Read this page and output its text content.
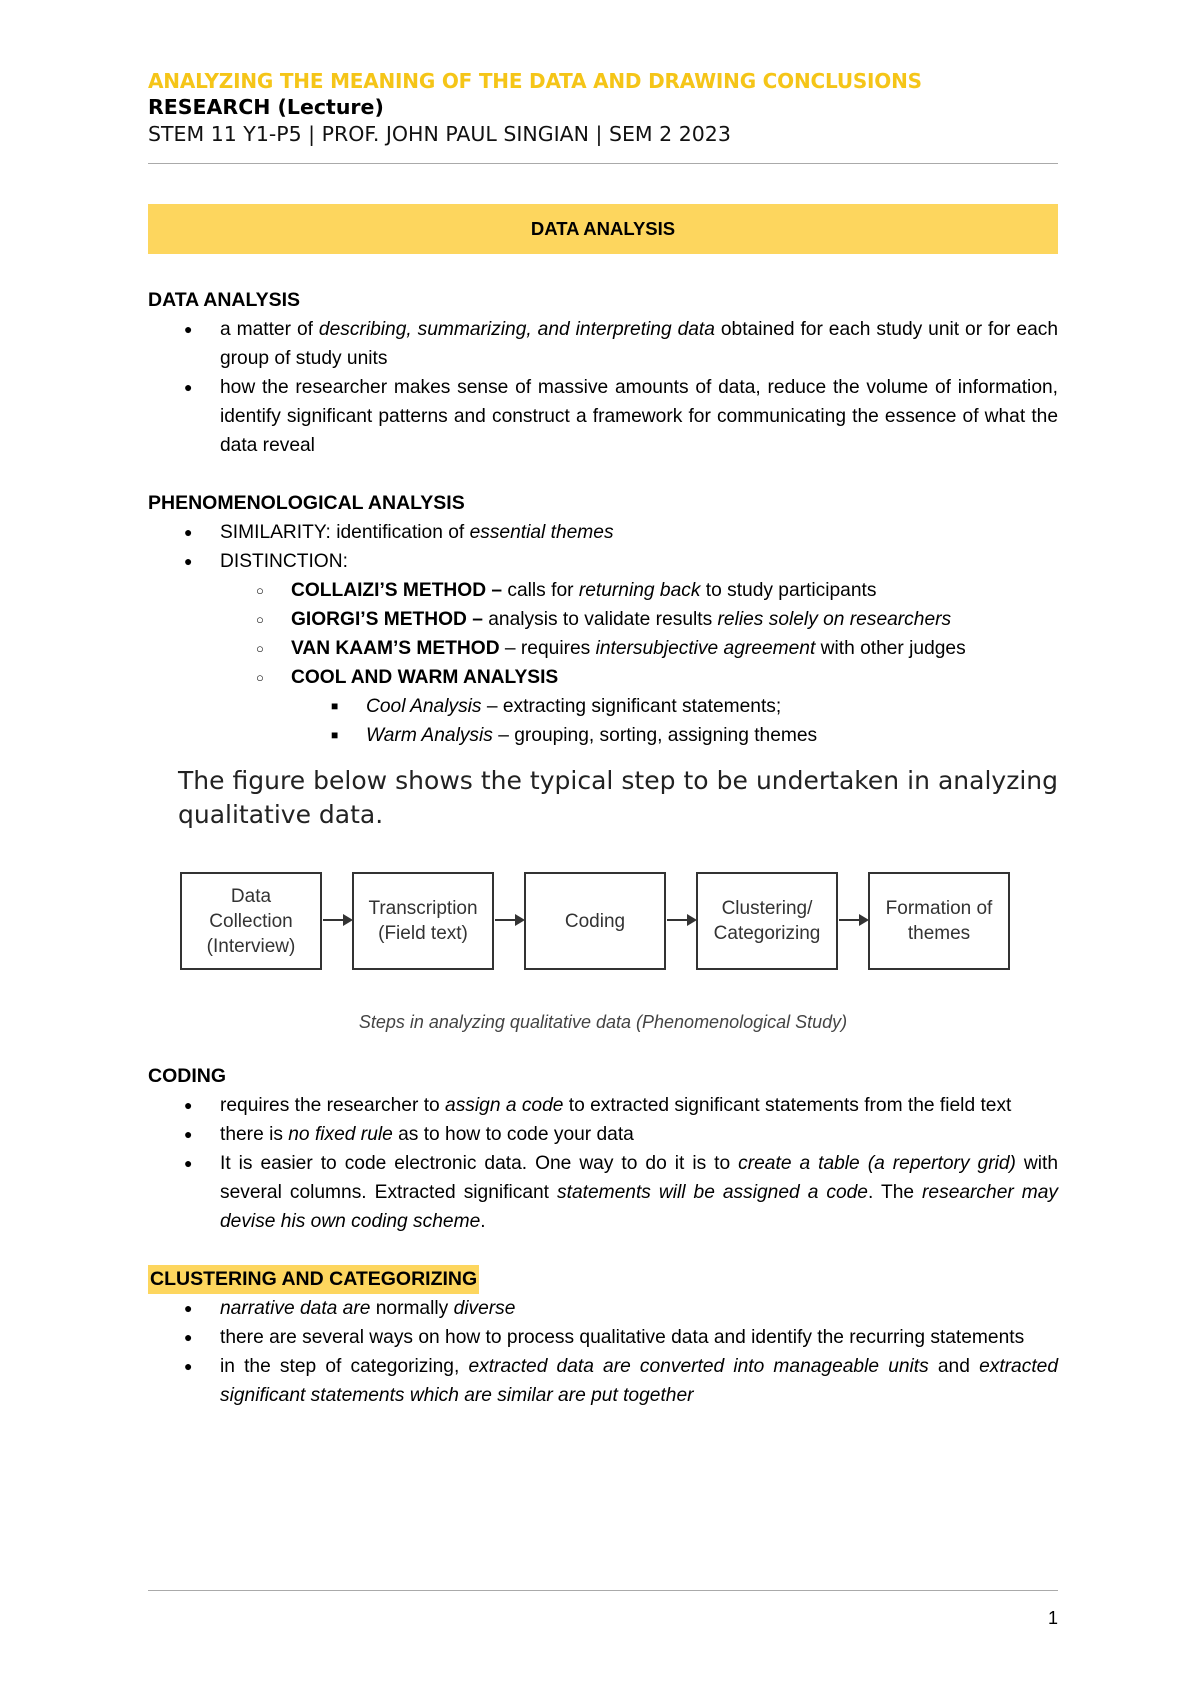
ANALYZING THE MEANING OF THE DATA AND DRAWING CONCLUSIONS
RESEARCH (Lecture)
STEM 11 Y1-P5 | PROF. JOHN PAUL SINGIAN | SEM 2 2023
DATA ANALYSIS
DATA ANALYSIS
● a matter of describing, summarizing, and interpreting data obtained for each study unit or for each group of study units
● how the researcher makes sense of massive amounts of data, reduce the volume of information, identify significant patterns and construct a framework for communicating the essence of what the data reveal
PHENOMENOLOGICAL ANALYSIS
● SIMILARITY: identification of essential themes
● DISTINCTION:
○ COLLAIZI’S METHOD – calls for returning back to study participants
○ GIORGI’S METHOD – analysis to validate results relies solely on researchers
○ VAN KAAM’S METHOD – requires intersubjective agreement with other judges
○ COOL AND WARM ANALYSIS
■ Cool Analysis – extracting significant statements;
■ Warm Analysis – grouping, sorting, assigning themes
The figure below shows the typical step to be undertaken in analyzing qualitative data.
Data
Collection
(Interview)
Transcription
(Field text)
Coding
Clustering/
Categorizing
Formation of
themes
Steps in analyzing qualitative data (Phenomenological Study)
CODING
● requires the researcher to assign a code to extracted significant statements from the field text
● there is no fixed rule as to how to code your data
● It is easier to code electronic data. One way to do it is to create a table (a repertory grid) with several columns. Extracted significant statements will be assigned a code. The researcher may devise his own coding scheme.
CLUSTERING AND CATEGORIZING
● narrative data are normally diverse
● there are several ways on how to process qualitative data and identify the recurring statements
● in the step of categorizing, extracted data are converted into manageable units and extracted significant statements which are similar are put together
1
